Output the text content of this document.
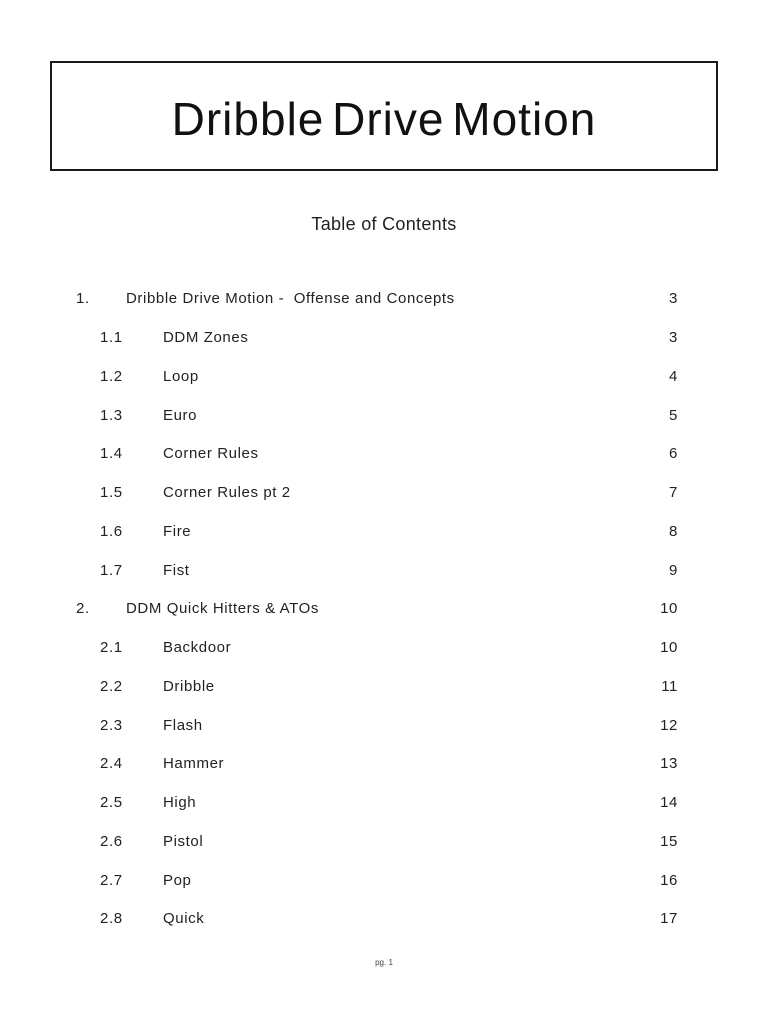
Dribble Drive Motion
Table of Contents
1. Dribble Drive Motion -  Offense and Concepts	3
1.1	DDM Zones	3
1.2	Loop	4
1.3	Euro	5
1.4	Corner Rules	6
1.5	Corner Rules pt 2	7
1.6	Fire	8
1.7	Fist	9
2. DDM Quick Hitters & ATOs	10
2.1	Backdoor	10
2.2	Dribble	11
2.3	Flash	12
2.4	Hammer	13
2.5	High	14
2.6	Pistol	15
2.7	Pop	16
2.8	Quick	17
pg. 1
